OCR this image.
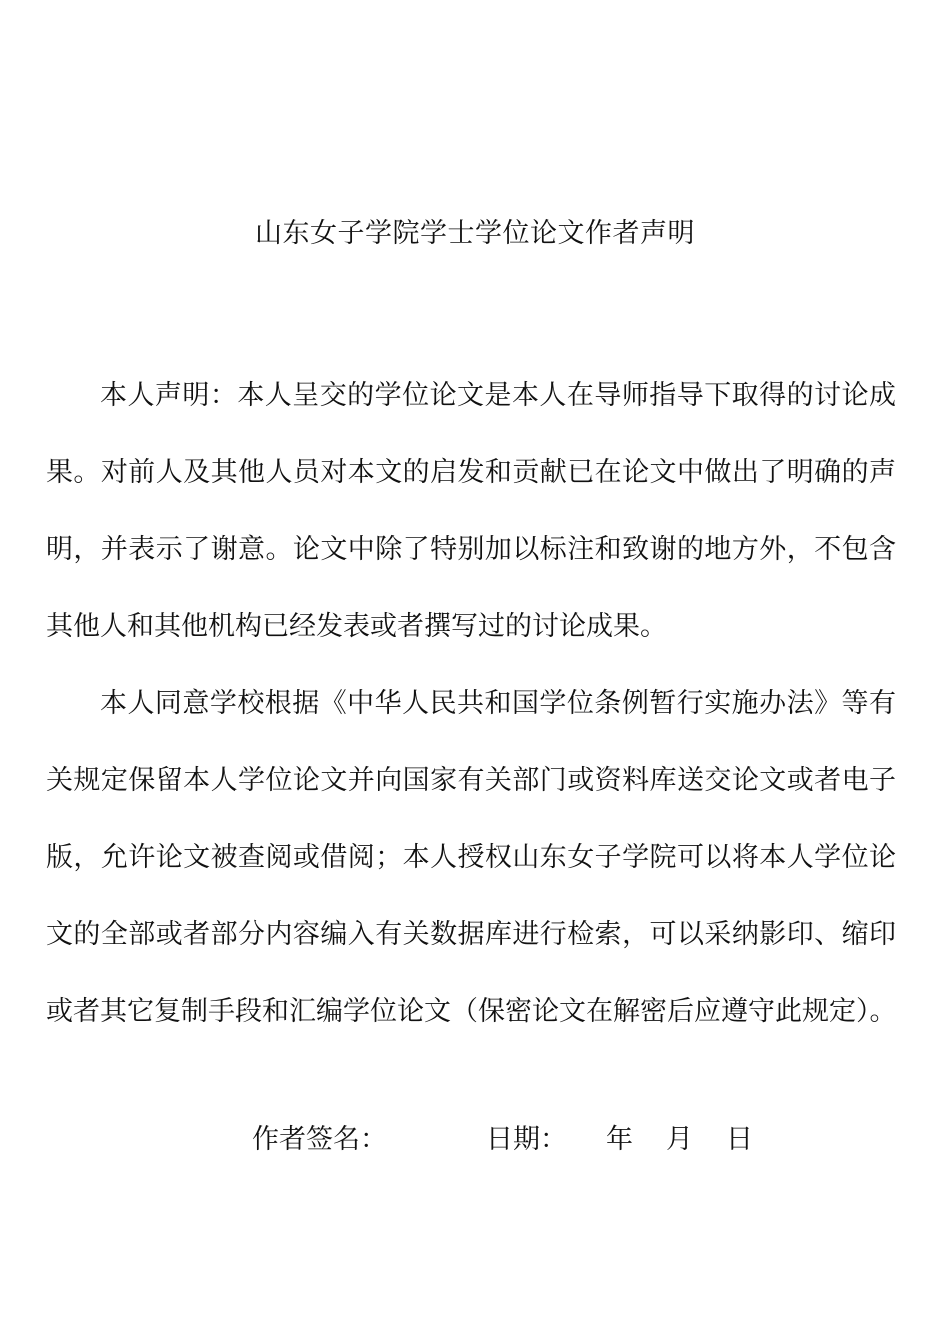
山东女子学院学士学位论文作者声明
本人声明：本人呈交的学位论文是本人在导师指导下取得的讨论成
果。对前人及其他人员对本文的启发和贡献已在论文中做出了明确的声
明，并表示了谢意。论文中除了特别加以标注和致谢的地方外，不包含
其他人和其他机构已经发表或者撰写过的讨论成果。
本人同意学校根据《中华人民共和国学位条例暂行实施办法》等有
关规定保留本人学位论文并向国家有关部门或资料库送交论文或者电子
版，允许论文被查阅或借阅；本人授权山东女子学院可以将本人学位论
文的全部或者部分内容编入有关数据库进行检索，可以采纳影印、缩印
或者其它复制手段和汇编学位论文（保密论文在解密后应遵守此规定）。
作者签名：	日期： 年 月 日
